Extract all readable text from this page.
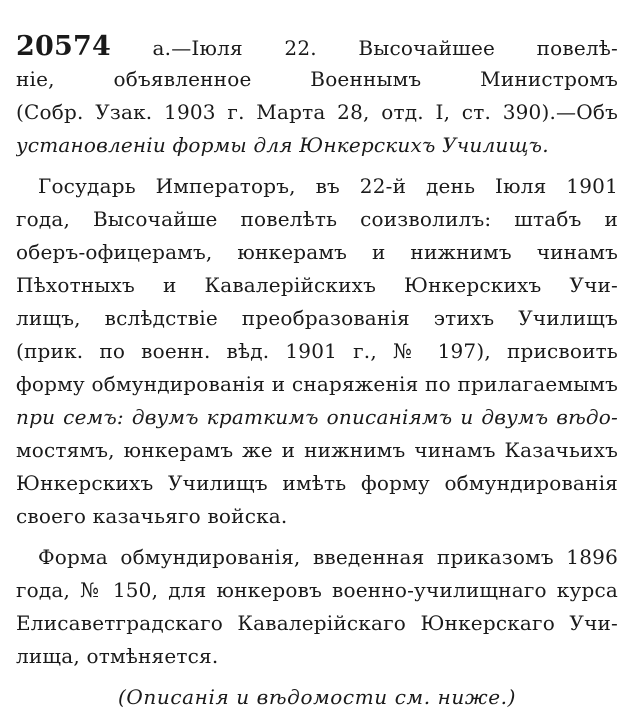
20574 а.—Іюля 22. Высочайшее повелѣ-
ніе, объявленное Военнымъ Министромъ
(Собр. Узак. 1903 г. Марта 28, отд. I, ст. 390).—Объ
установленіи формы для Юнкерскихъ Училищъ.
Государь Императоръ, въ 22-й день Іюля 1901
года, Высочайше повелѣть соизволилъ: штабъ и
оберъ-офицерамъ, юнкерамъ и нижнимъ чинамъ
Пѣхотныхъ и Кавалерійскихъ Юнкерскихъ Учи-
лищъ, вслѣдствіе преобразованія этихъ Училищъ
(прик. по военн. вѣд. 1901 г., № 197), присвоить
форму обмундированія и снаряженія по прилагаемымъ
при семъ: двумъ краткимъ описаніямъ и двумъ вѣдо-
мостямъ, юнкерамъ же и нижнимъ чинамъ Казачьихъ
Юнкерскихъ Училищъ имѣть форму обмундированія
своего казачьяго войска.
Форма обмундированія, введенная приказомъ 1896
года, № 150, для юнкеровъ военно-училищнаго курса
Елисаветградскаго Кавалерійскаго Юнкерскаго Учи-
лища, отмѣняется.
(Описанія и вѣдомости см. ниже.)
